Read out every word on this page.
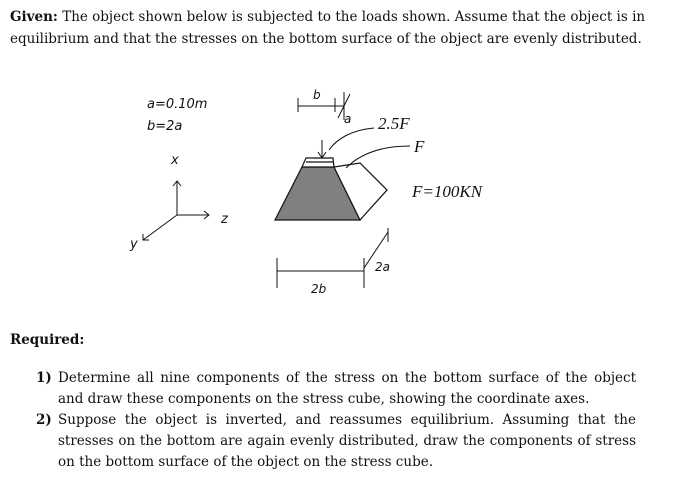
Given: The object shown below is subjected to the loads shown. Assume that the object is in equilibrium and that the stresses on the bottom surface of the object are evenly distributed.
a=0.10m
b=2a
x
z
y
b
a 2.5F
F
F=100KN
2a
2b
Required:
1) Determine all nine components of the stress on the bottom surface of the object and draw these components on the stress cube, showing the coordinate axes.
2) Suppose the object is inverted, and reassumes equilibrium. Assuming that the stresses on the bottom are again evenly distributed, draw the components of stress on the bottom surface of the object on the stress cube.
